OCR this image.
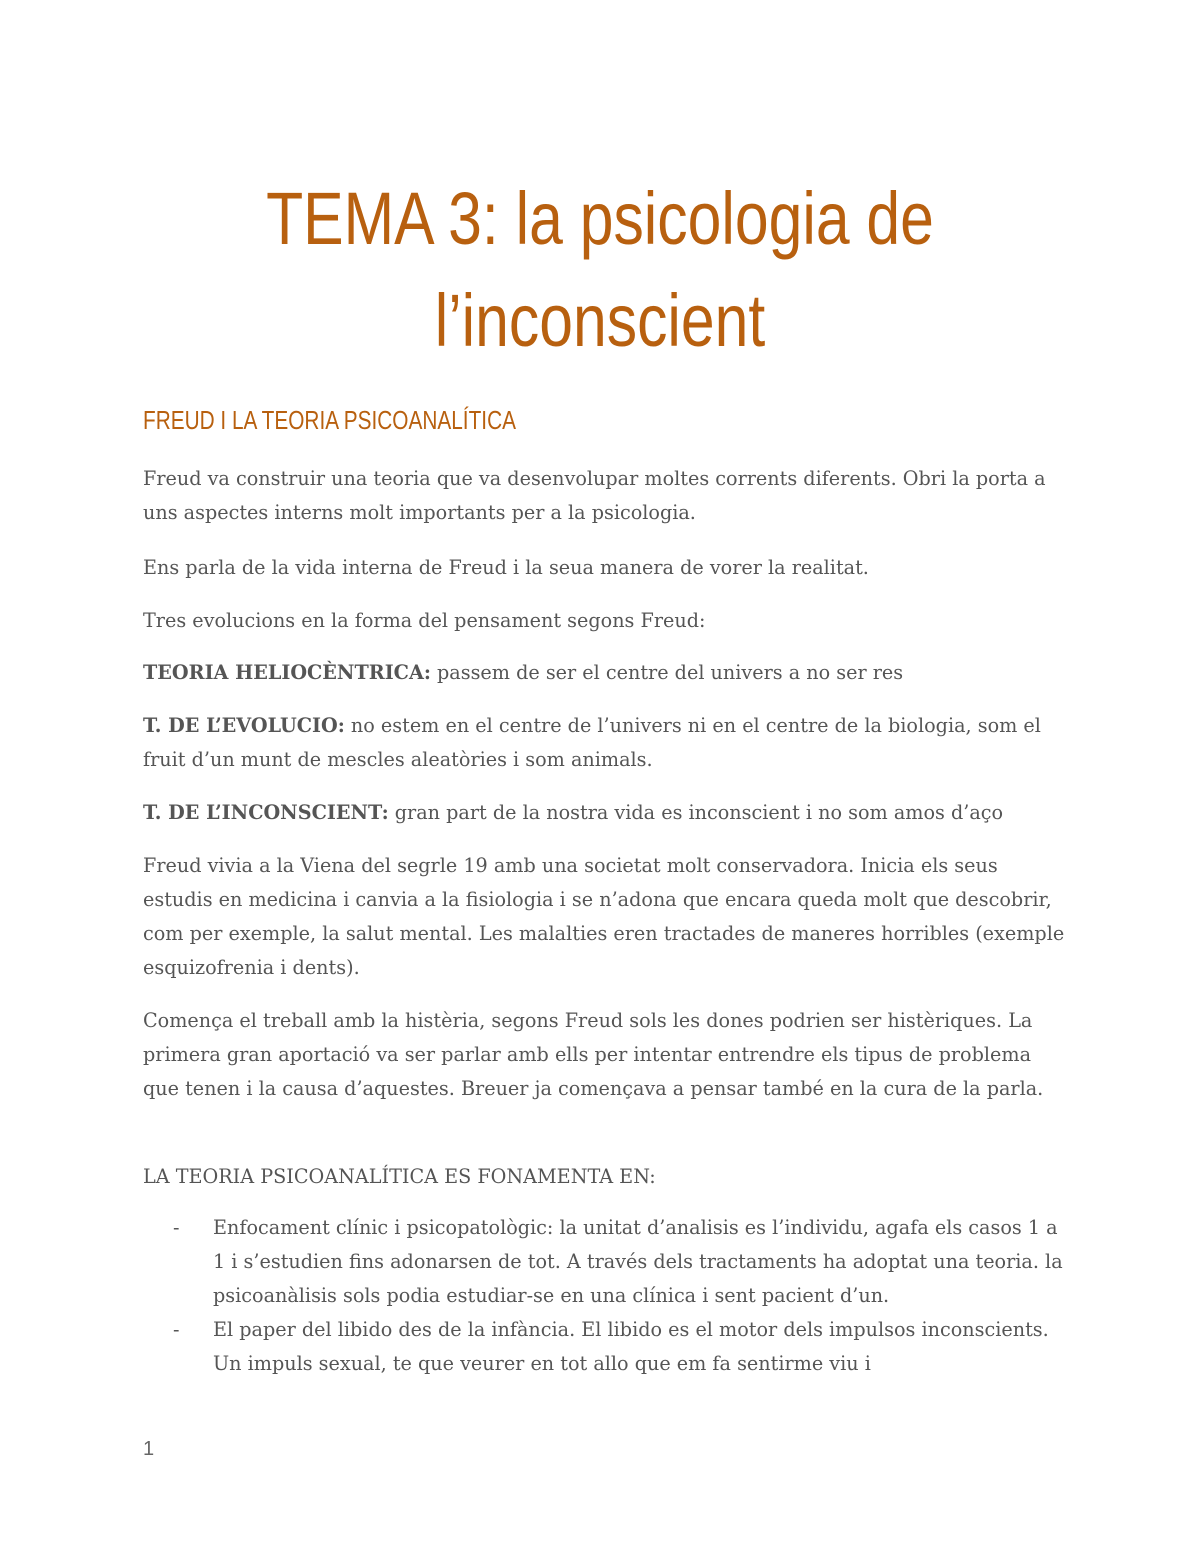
TEMA 3: la psicologia de
l’inconscient
FREUD I LA TEORIA PSICOANALÍTICA
Freud va construir una teoria que va desenvolupar moltes corrents diferents. Obri la porta a uns aspectes interns molt importants per a la psicologia.
Ens parla de la vida interna de Freud i la seua manera de vorer la realitat.
Tres evolucions en la forma del pensament segons Freud:
TEORIA HELIOCÈNTRICA: passem de ser el centre del univers a no ser res
T. DE L’EVOLUCIO: no estem en el centre de l’univers ni en el centre de la biologia, som el fruit d’un munt de mescles aleatòries i som animals.
T. DE L’INCONSCIENT: gran part de la nostra vida es inconscient i no som amos d’aço
Freud vivia a la Viena del segrle 19 amb una societat molt conservadora. Inicia els seus estudis en medicina i canvia a la fisiologia i se n’adona que encara queda molt que descobrir, com per exemple, la salut mental. Les malalties eren tractades de maneres horribles (exemple esquizofrenia i dents).
Comença el treball amb la histèria, segons Freud sols les dones podrien ser histèriques. La primera gran aportació va ser parlar amb ells per intentar entrendre els tipus de problema que tenen i la causa d’aquestes. Breuer ja començava a pensar també en la cura de la parla.
LA TEORIA PSICOANALÍTICA ES FONAMENTA EN:
- Enfocament clínic i psicopatològic: la unitat d’analisis es l’individu, agafa els casos 1 a 1 i s’estudien fins adonarsen de tot. A través dels tractaments ha adoptat una teoria. la psicoanàlisis sols podia estudiar-se en una clínica i sent pacient d’un.
- El paper del libido des de la infància. El libido es el motor dels impulsos inconscients. Un impuls sexual, te que veurer en tot allo que em fa sentirme viu i
1
